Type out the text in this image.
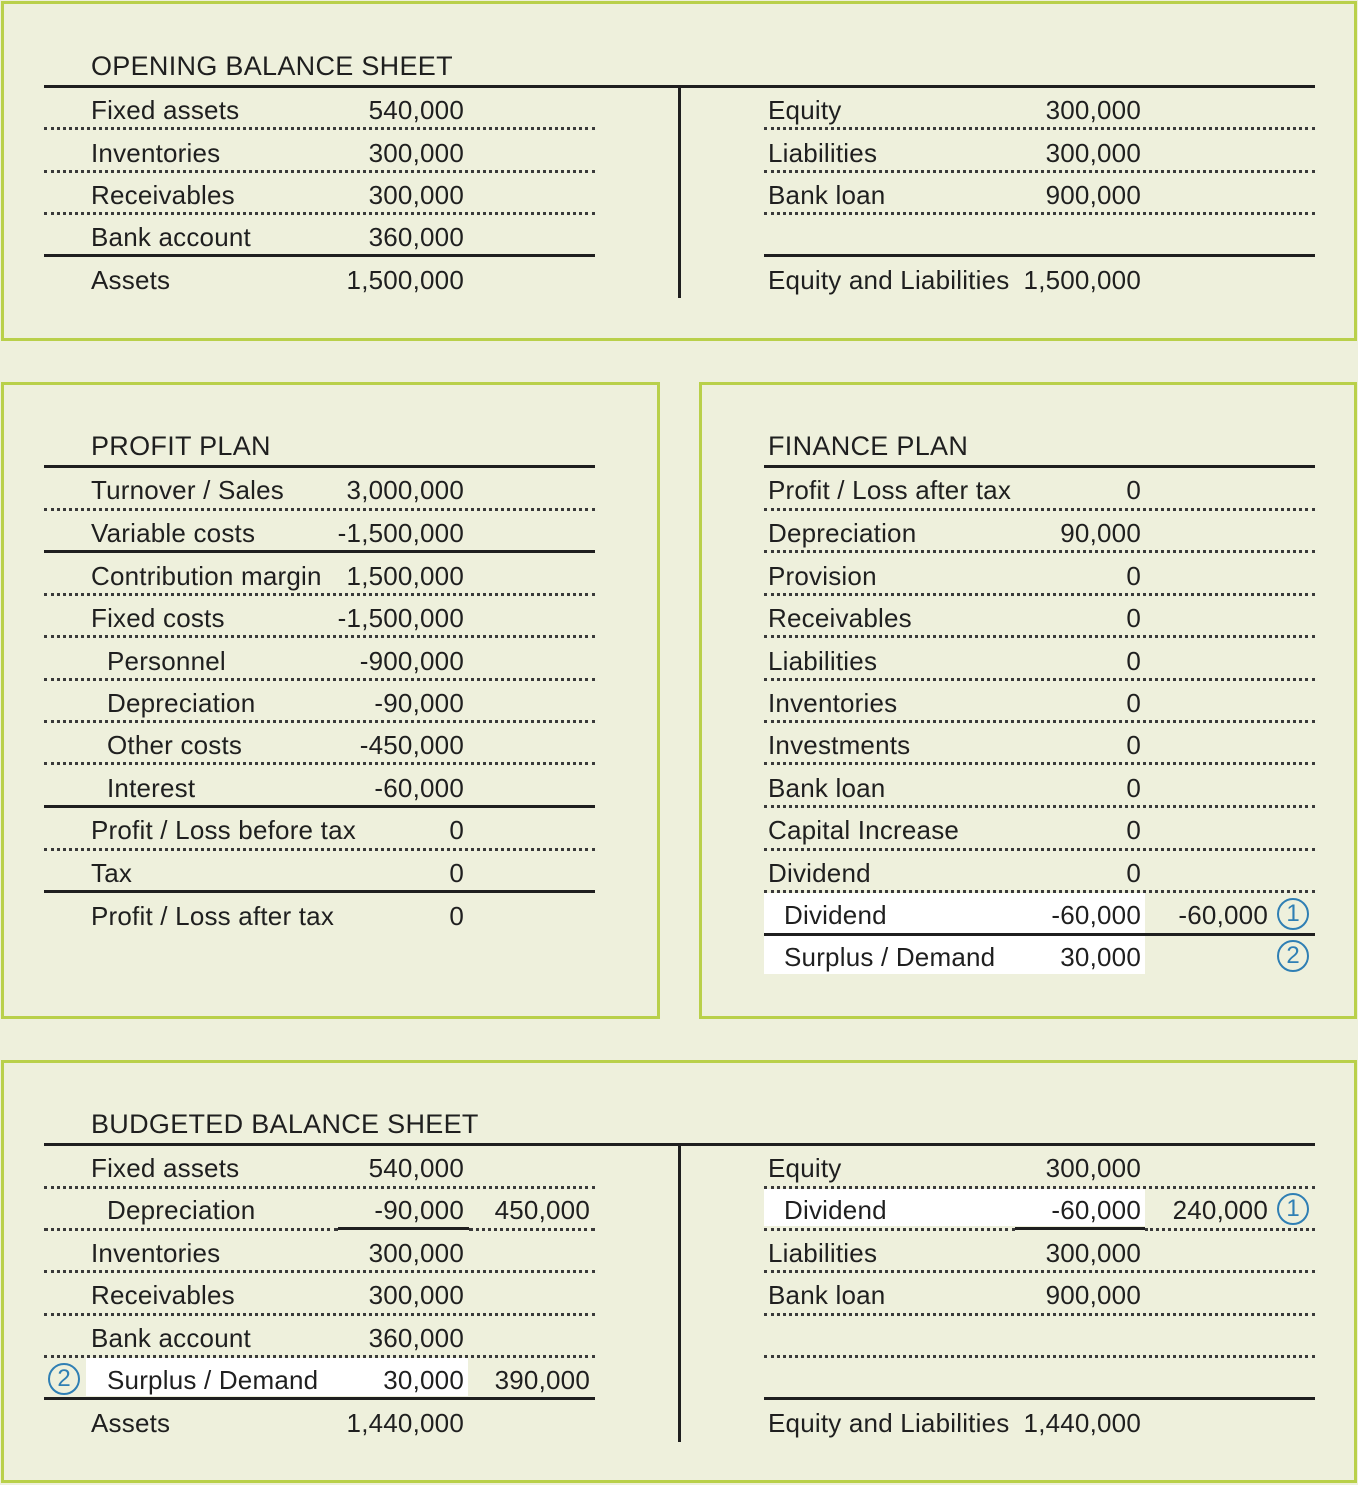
OPENING BALANCE SHEET
Fixed assets	540,000
Inventories	300,000
Receivables	300,000
Bank account	360,000
Assets	1,500,000
Equity	300,000
Liabilities	300,000
Bank loan	900,000
Equity and Liabilities 1,500,000
PROFIT PLAN
Turnover / Sales	3,000,000
Variable costs	-1,500,000
Contribution margin 1,500,000
Fixed costs	-1,500,000
Personnel	-900,000
Depreciation	-90,000
Other costs	-450,000
Interest	-60,000
Profit / Loss before tax	0
Tax	0
Profit / Loss after tax	0
FINANCE PLAN
Profit / Loss after tax	0
Depreciation	90,000
Provision	0
Receivables	0
Liabilities	0
Inventories	0
Investments	0
Bank loan	0
Capital Increase	0
Dividend	0
Dividend	-60,000	-60,000 1
Surplus / Demand	30,000	2
BUDGETED BALANCE SHEET
Fixed assets	540,000
Depreciation	-90,000	450,000
Inventories	300,000
Receivables	300,000
Bank account	360,000
2	Surplus / Demand	30,000	390,000
Assets	1,440,000
Equity	300,000
Dividend	-60,000	240,000 1
Liabilities	300,000
Bank loan	900,000
Equity and Liabilities 1,440,000
